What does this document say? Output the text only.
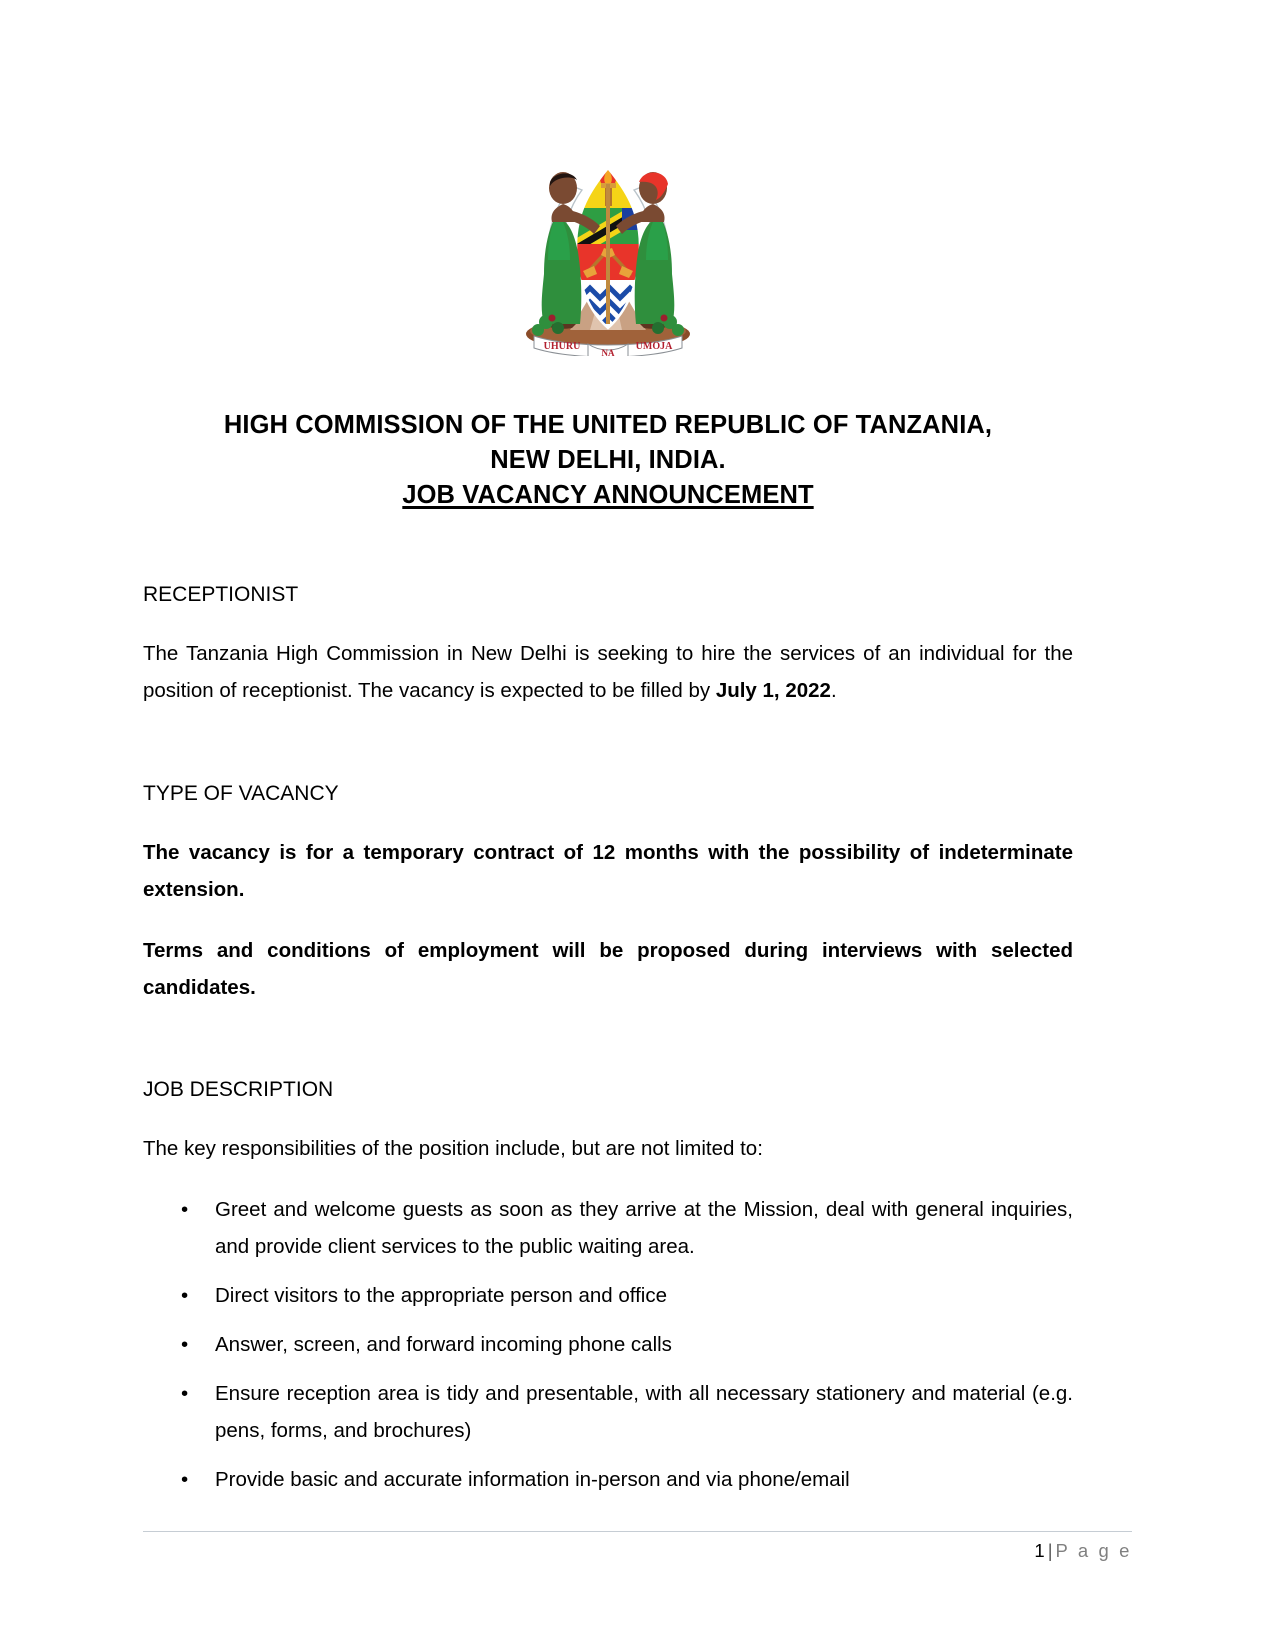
UHURU
NA
UMOJA
HIGH COMMISSION OF THE UNITED REPUBLIC OF TANZANIA,
NEW DELHI, INDIA.
JOB VACANCY ANNOUNCEMENT
RECEPTIONIST

The Tanzania High Commission in New Delhi is seeking to hire the services of an individual for the position of receptionist. The vacancy is expected to be filled by July 1, 2022.

TYPE OF VACANCY

The vacancy is for a temporary contract of 12 months with the possibility of indeterminate extension.

Terms and conditions of employment will be proposed during interviews with selected candidates.

JOB DESCRIPTION

The key responsibilities of the position include, but are not limited to:

• Greet and welcome guests as soon as they arrive at the Mission, deal with general inquiries, and provide client services to the public waiting area.
• Direct visitors to the appropriate person and office
• Answer, screen, and forward incoming phone calls
• Ensure reception area is tidy and presentable, with all necessary stationery and material (e.g. pens, forms, and brochures)
• Provide basic and accurate information in-person and via phone/email
1 | P a g e
